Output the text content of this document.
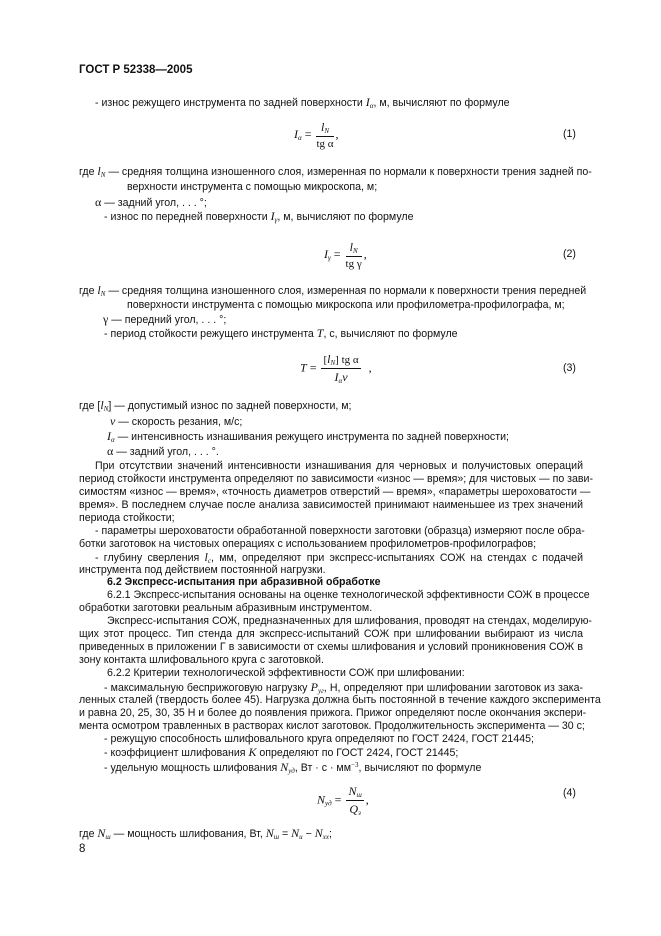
ГОСТ Р 52338—2005
- износ режущего инструмента по задней поверхности $I_\alpha$, м, вычисляют по формуле
$I_\alpha = \frac{l_N}{\text{tg α}}$ ,	(1)
где $l_N$ — средняя толщина изношенного слоя, измеренная по нормали к поверхности трения задней по-
верхности инструмента с помощью микроскопа, м;
α — задний угол, . . . °;
- износ по передней поверхности $I_\gamma$, м, вычисляют по формуле
$I_\gamma = \frac{l_N}{\text{tg γ}}$ ,	(2)
где $l_N$ — средняя толщина изношенного слоя, измеренная по нормали к поверхности трения передней
поверхности инструмента с помощью микроскопа или профилометра-профилографа, м;
γ — передний угол, . . . °;
- период стойкости режущего инструмента T, с, вычисляют по формуле
$T = \frac{[l_N] tg \alpha}{I_\alpha v}$ ,	(3)
где $[l_N]$ — допустимый износ по задней поверхности, м;
v — скорость резания, м/с;
$I_\alpha$ — интенсивность изнашивания режущего инструмента по задней поверхности;
α — задний угол, . . . °.
При отсутствии значений интенсивности изнашивания для черновых и получистовых операций
период стойкости инструмента определяют по зависимости «износ — время»; для чистовых — по зави-
симостям «износ — время», «точность диаметров отверстий — время», «параметры шероховатости —
время». В последнем случае после анализа зависимостей принимают наименьшее из трех значений
периода стойкости;
- параметры шероховатости обработанной поверхности заготовки (образца) измеряют после обра-
ботки заготовок на чистовых операциях с использованием профилометров-профилографов;
- глубину сверления $l_c$, мм, определяют при экспресс-испытаниях СОЖ на стендах с подачей
инструмента под действием постоянной нагрузки.
6.2 Экспресс-испытания при абразивной обработке
6.2.1 Экспресс-испытания основаны на оценке технологической эффективности СОЖ в процессе
обработки заготовки реальным абразивным инструментом.
Экспресс-испытания СОЖ, предназначенных для шлифования, проводят на стендах, моделирую-
щих этот процесс. Тип стенда для экспресс-испытаний СОЖ при шлифовании выбирают из числа
приведенных в приложении Г в зависимости от схемы шлифования и условий проникновения СОЖ в
зону контакта шлифовального круга с заготовкой.
6.2.2 Критерии технологической эффективности СОЖ при шлифовании:
- максимальную бесприжоговую нагрузку $P_{уг}$, Н, определяют при шлифовании заготовок из зака-
ленных сталей (твердость более 45). Нагрузка должна быть постоянной в течение каждого эксперимента
и равна 20, 25, 30, 35 Н и более до появления прижога. Прижог определяют после окончания экспери-
мента осмотром травленных в растворах кислот заготовок. Продолжительность эксперимента — 30 с;
- режущую способность шлифовального круга определяют по ГОСТ 2424, ГОСТ 21445;
- коэффициент шлифования K определяют по ГОСТ 2424, ГОСТ 21445;
- удельную мощность шлифования $N_{уд}$, Вт · $с \cdot мм^{-3}$, вычисляют по формуле
$N_{уд} = \frac{N_ш}{Q_з}$ ,	(4)
где $N_ш$ — мощность шлифования, Вт, $N_ш = N_и - N_{хх}$;
8
